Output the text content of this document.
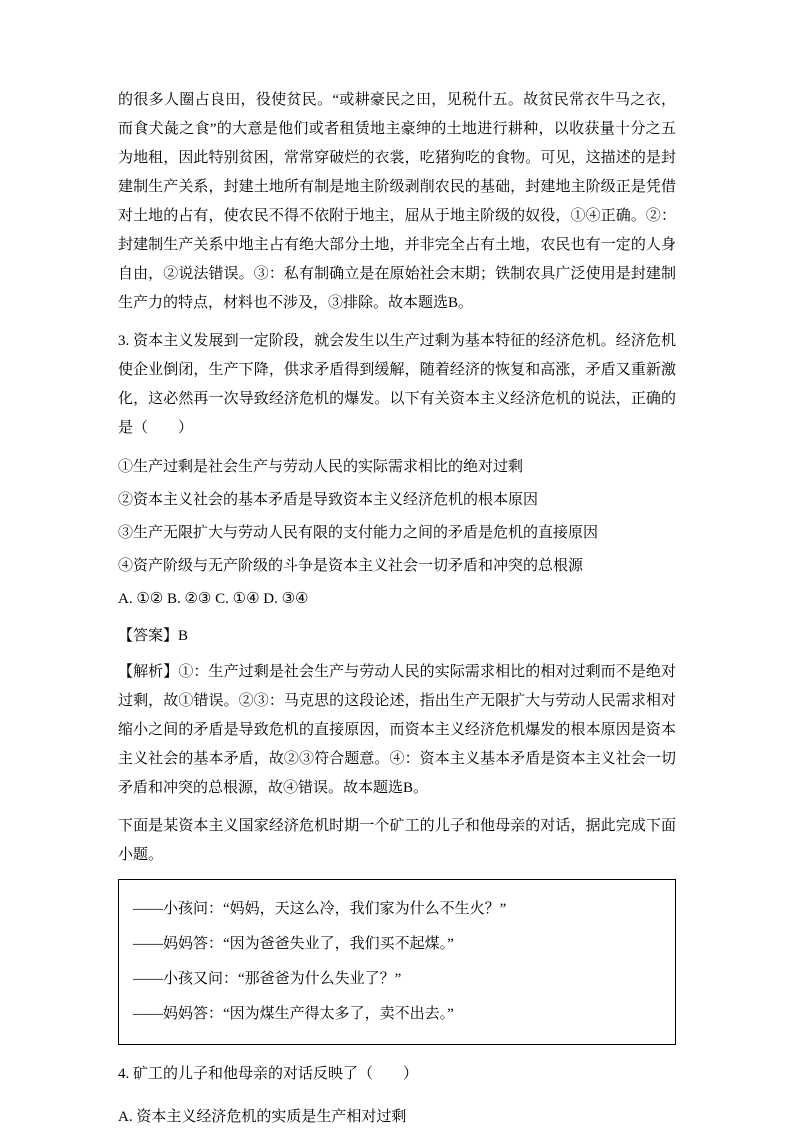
的很多人圈占良田，役使贫民。“或耕豪民之田，见税什五。故贫民常衣牛马之衣，而食犬彘之食”的大意是他们或者租赁地主豪绅的土地进行耕种，以收获量十分之五为地租，因此特别贫困，常常穿破烂的衣裳，吃猪狗吃的食物。可见，这描述的是封建制生产关系，封建土地所有制是地主阶级剥削农民的基础，封建地主阶级正是凭借对土地的占有，使农民不得不依附于地主，屈从于地主阶级的奴役，①④正确。②：封建制生产关系中地主占有绝大部分土地，并非完全占有土地，农民也有一定的人身自由，②说法错误。③：私有制确立是在原始社会末期；铁制农具广泛使用是封建制生产力的特点，材料也不涉及，③排除。故本题选B。

3. 资本主义发展到一定阶段，就会发生以生产过剩为基本特征的经济危机。经济危机使企业倒闭，生产下降，供求矛盾得到缓解，随着经济的恢复和高涨，矛盾又重新激化，这必然再一次导致经济危机的爆发。以下有关资本主义经济危机的说法，正确的是（　　）

①生产过剩是社会生产与劳动人民的实际需求相比的绝对过剩

②资本主义社会的基本矛盾是导致资本主义经济危机的根本原因

③生产无限扩大与劳动人民有限的支付能力之间的矛盾是危机的直接原因

④资产阶级与无产阶级的斗争是资本主义社会一切矛盾和冲突的总根源

A. ①② B. ②③ C. ①④ D. ③④

【答案】B

【解析】①：生产过剩是社会生产与劳动人民的实际需求相比的相对过剩而不是绝对过剩，故①错误。②③：马克思的这段论述，指出生产无限扩大与劳动人民需求相对缩小之间的矛盾是导致危机的直接原因，而资本主义经济危机爆发的根本原因是资本主义社会的基本矛盾，故②③符合题意。④：资本主义基本矛盾是资本主义社会一切矛盾和冲突的总根源，故④错误。故本题选B。

下面是某资本主义国家经济危机时期一个矿工的儿子和他母亲的对话，据此完成下面小题。

——小孩问：“妈妈，天这么冷，我们家为什么不生火？”

——妈妈答：“因为爸爸失业了，我们买不起煤。”

——小孩又问：“那爸爸为什么失业了？”

——妈妈答：“因为煤生产得太多了，卖不出去。”

4. 矿工的儿子和他母亲的对话反映了（　　）

A. 资本主义经济危机的实质是生产相对过剩
